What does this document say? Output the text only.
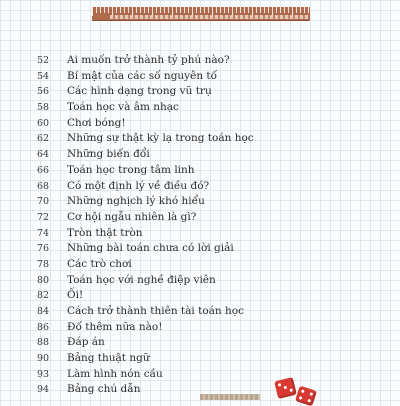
52 Ai muốn trở thành tỷ phú nào?
54 Bí mật của các số nguyên tố
56 Các hình dạng trong vũ trụ
58 Toán học và âm nhạc
60 Chơi bóng!
62 Những sự thật kỳ lạ trong toán học
64 Những biến đổi
66 Toán học trong tâm linh
68 Có một định lý về điều đó?
70 Những nghịch lý khó hiểu
72 Cơ hội ngẫu nhiên là gì?
74 Tròn thật tròn
76 Những bài toán chưa có lời giải
78 Các trò chơi
80 Toán học với nghề điệp viên
82 Ối!
84 Cách trở thành thiên tài toán học
86 Đố thêm nữa nào!
88 Đáp án
90 Bảng thuật ngữ
93 Làm hình nón cầu
94 Bảng chú dẫn
